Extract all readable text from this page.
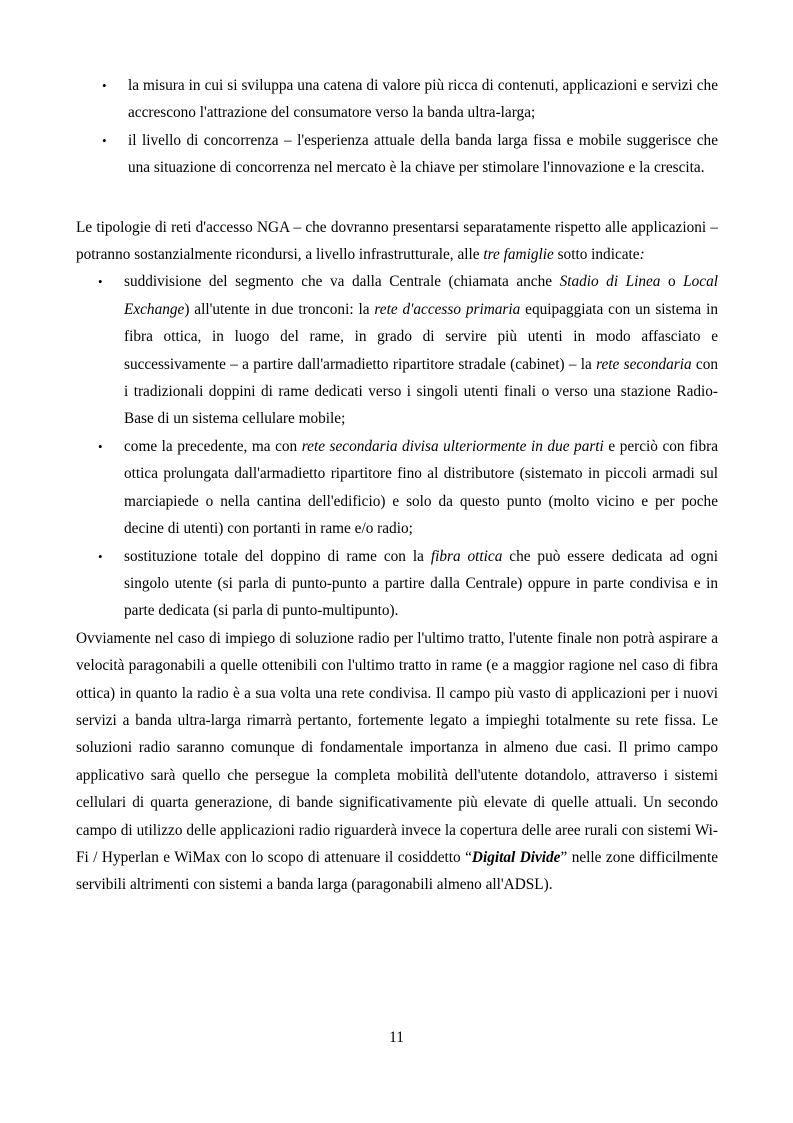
• la misura in cui si sviluppa una catena di valore più ricca di contenuti, applicazioni e servizi che accrescono l'attrazione del consumatore verso la banda ultra-larga;
• il livello di concorrenza – l'esperienza attuale della banda larga fissa e mobile suggerisce che una situazione di concorrenza nel mercato è la chiave per stimolare l'innovazione e la crescita.

Le tipologie di reti d'accesso NGA – che dovranno presentarsi separatamente rispetto alle applicazioni – potranno sostanzialmente ricondursi, a livello infrastrutturale, alle tre famiglie sotto indicate:

• suddivisione del segmento che va dalla Centrale (chiamata anche Stadio di Linea o Local Exchange) all'utente in due tronconi: la rete d'accesso primaria equipaggiata con un sistema in fibra ottica, in luogo del rame, in grado di servire più utenti in modo affasciato e successivamente – a partire dall'armadietto ripartitore stradale (cabinet) – la rete secondaria con i tradizionali doppini di rame dedicati verso i singoli utenti finali o verso una stazione Radio-Base di un sistema cellulare mobile;
• come la precedente, ma con rete secondaria divisa ulteriormente in due parti e perciò con fibra ottica prolungata dall'armadietto ripartitore fino al distributore (sistemato in piccoli armadi sul marciapiede o nella cantina dell'edificio) e solo da questo punto (molto vicino e per poche decine di utenti) con portanti in rame e/o radio;
• sostituzione totale del doppino di rame con la fibra ottica che può essere dedicata ad ogni singolo utente (si parla di punto-punto a partire dalla Centrale) oppure in parte condivisa e in parte dedicata (si parla di punto-multipunto).

Ovviamente nel caso di impiego di soluzione radio per l'ultimo tratto, l'utente finale non potrà aspirare a velocità paragonabili a quelle ottenibili con l'ultimo tratto in rame (e a maggior ragione nel caso di fibra ottica) in quanto la radio è a sua volta una rete condivisa. Il campo più vasto di applicazioni per i nuovi servizi a banda ultra-larga rimarrà pertanto, fortemente legato a impieghi totalmente su rete fissa. Le soluzioni radio saranno comunque di fondamentale importanza in almeno due casi. Il primo campo applicativo sarà quello che persegue la completa mobilità dell'utente dotandolo, attraverso i sistemi cellulari di quarta generazione, di bande significativamente più elevate di quelle attuali. Un secondo campo di utilizzo delle applicazioni radio riguarderà invece la copertura delle aree rurali con sistemi Wi-Fi / Hyperlan e WiMax con lo scopo di attenuare il cosiddetto “Digital Divide” nelle zone difficilmente servibili altrimenti con sistemi a banda larga (paragonabili almeno all'ADSL).

11
